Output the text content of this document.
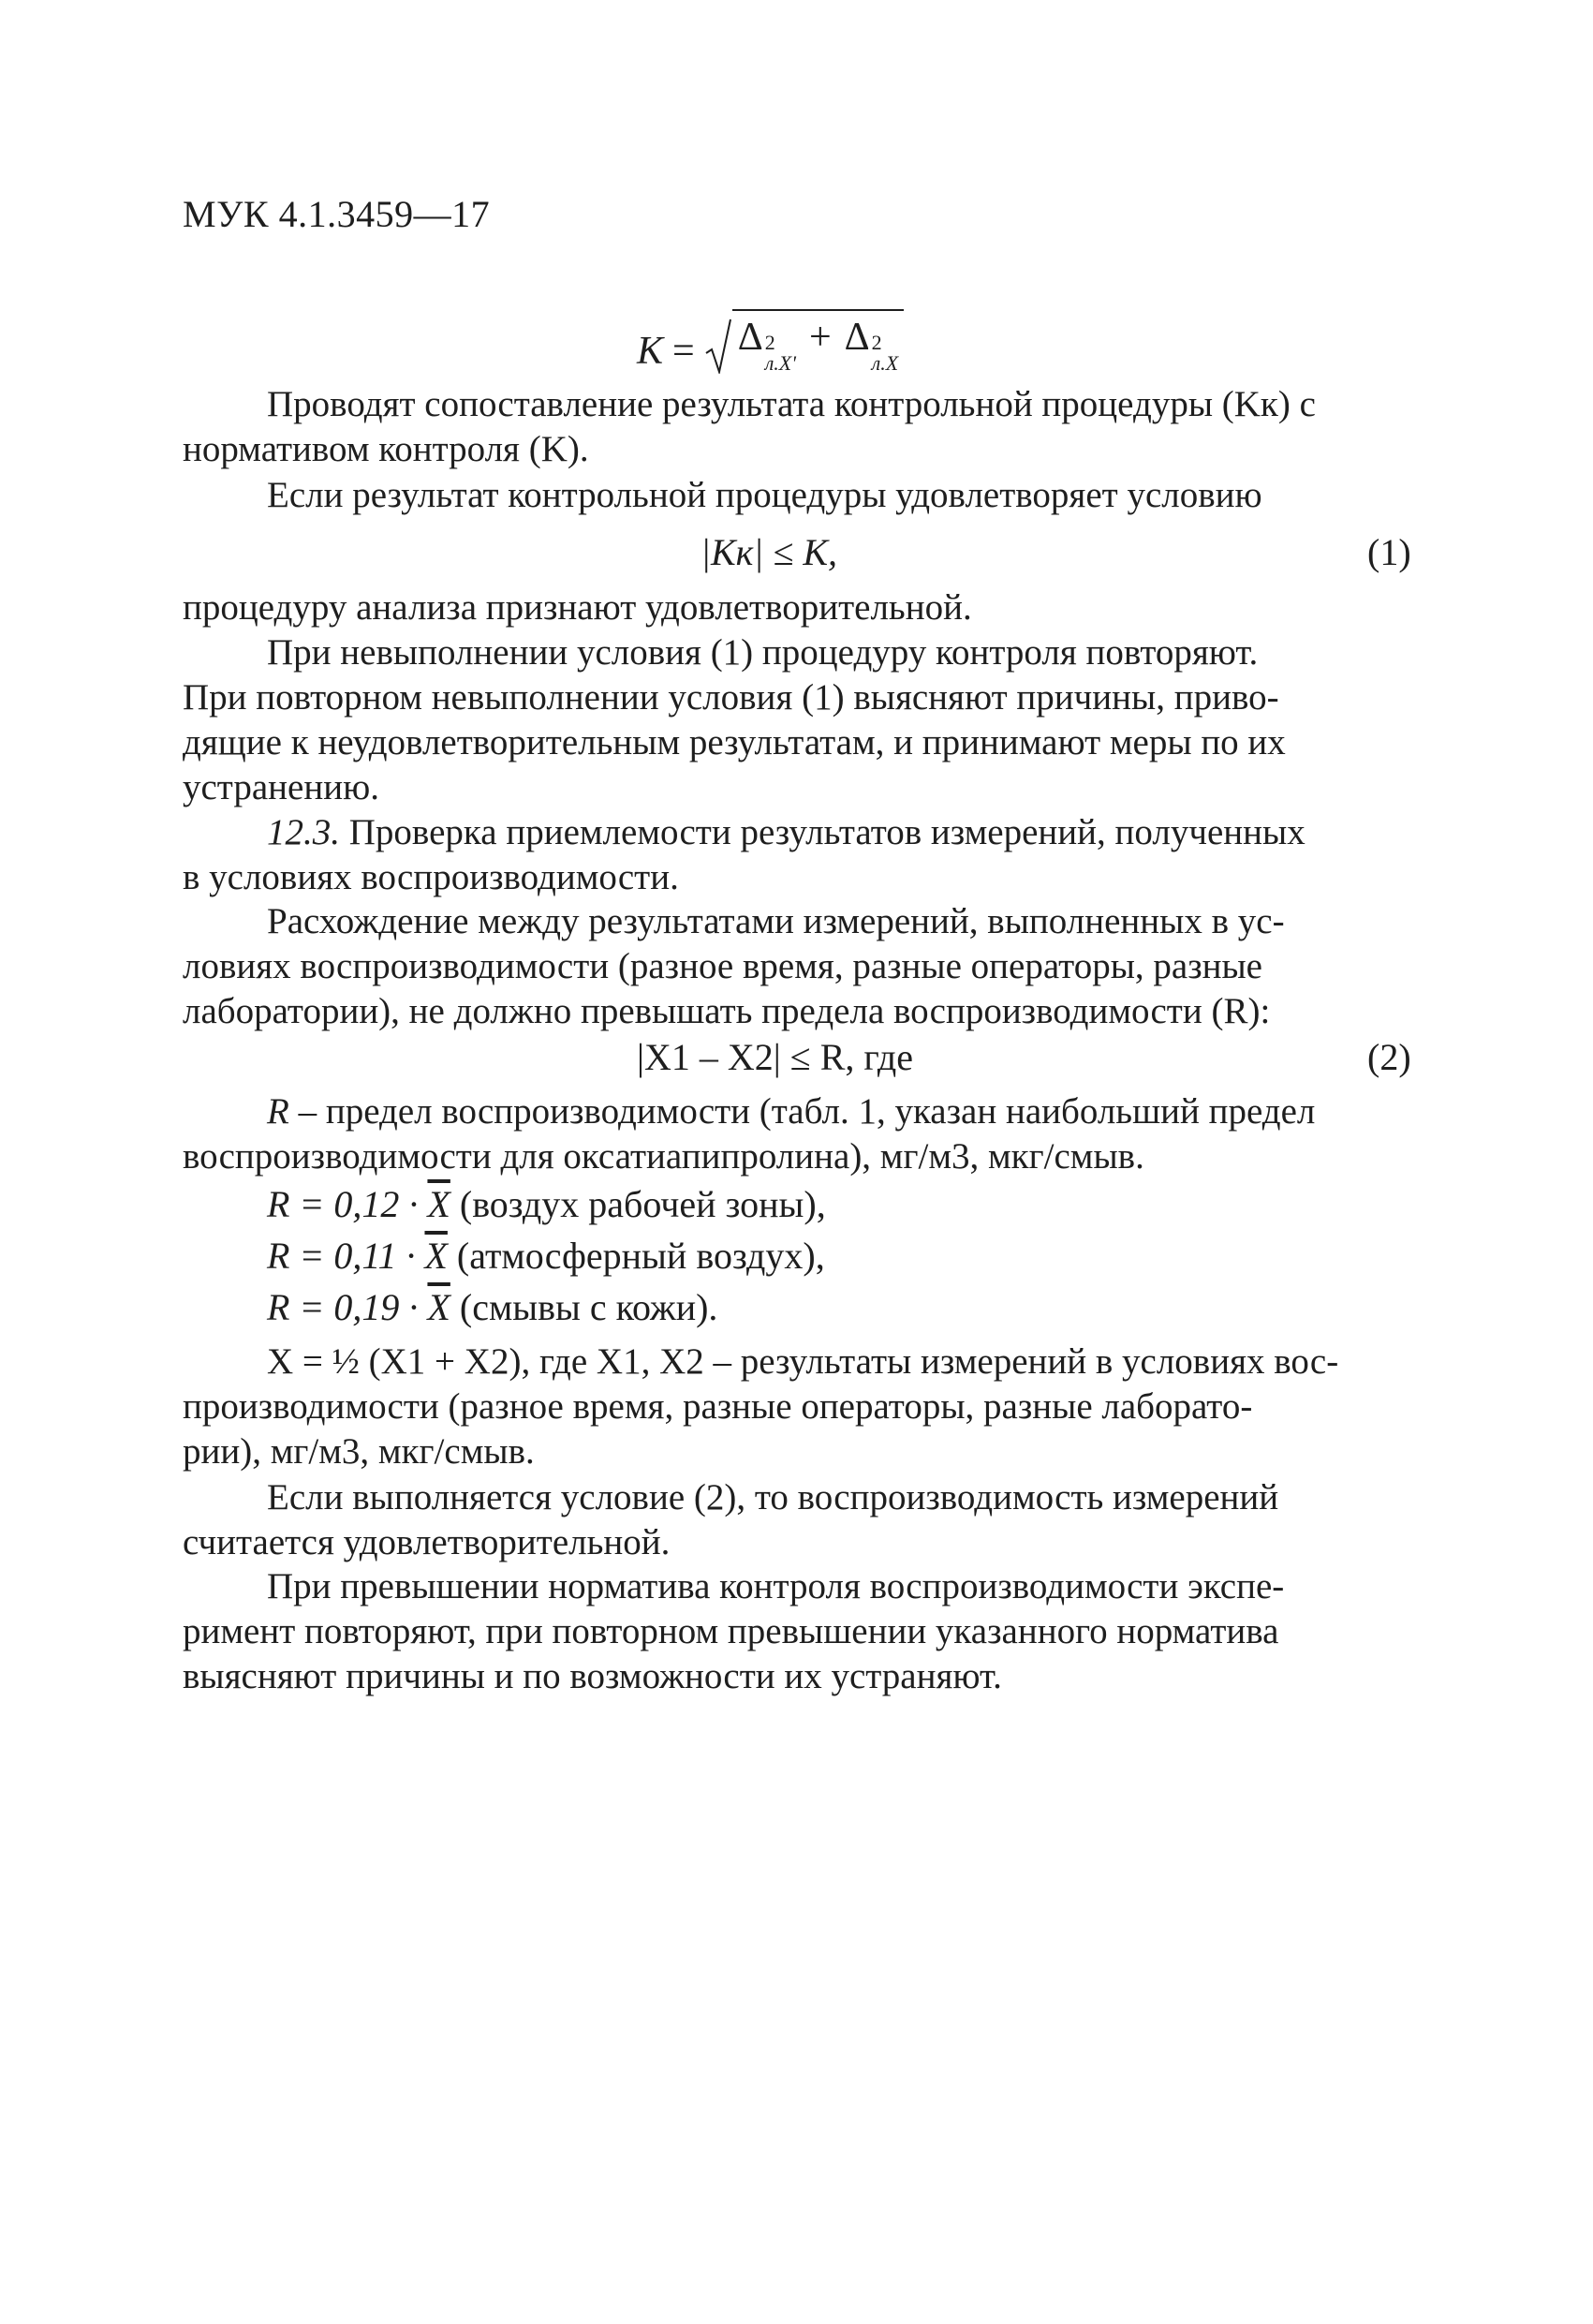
МУК 4.1.3459—17
K = Δ 2
л.X'
+ Δ 2
л.X
Проводят сопоставление результата контрольной процедуры (Kк) с
нормативом контроля (K).
Если результат контрольной процедуры удовлетворяет условию
|Kк| ≤ K,	(1)
процедуру анализа признают удовлетворительной.
При невыполнении условия (1) процедуру контроля повторяют.
При повторном невыполнении условия (1) выясняют причины, приво-
дящие к неудовлетворительным результатам, и принимают меры по их
устранению.
12.3. Проверка приемлемости результатов измерений, полученных
в условиях воспроизводимости.
Расхождение между результатами измерений, выполненных в ус-
ловиях воспроизводимости (разное время, разные операторы, разные
лаборатории), не должно превышать предела воспроизводимости (R):
|X1 – X2| ≤ R, где	(2)
R – предел воспроизводимости (табл. 1, указан наибольший предел
воспроизводимости для оксатиапипролина), мг/м3, мкг/смыв.
$R = 0,12 \cdot \overline{X}$ (воздух рабочей зоны),
$R = 0,11 \cdot \overline{X}$ (атмосферный воздух),
$R = 0,19 \cdot \overline{X}$ (смывы с кожи).
X = ½ (X1 + X2), где X1, X2 – результаты измерений в условиях вос-
производимости (разное время, разные операторы, разные лаборато-
рии), мг/м3, мкг/смыв.
Если выполняется условие (2), то воспроизводимость измерений
считается удовлетворительной.
При превышении норматива контроля воспроизводимости экспе-
римент повторяют, при повторном превышении указанного норматива
выясняют причины и по возможности их устраняют.
